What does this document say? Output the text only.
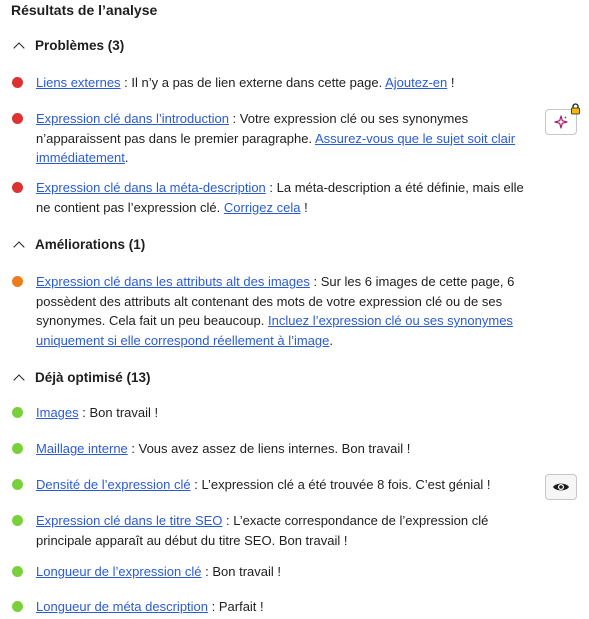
Résultats de l’analyse
Problèmes (3)
Liens externes : Il n’y a pas de lien externe dans cette page. Ajoutez-en !
Expression clé dans l’introduction : Votre expression clé ou ses synonymes n’apparaissent pas dans le premier paragraphe. Assurez-vous que le sujet soit clair immédiatement.
Expression clé dans la méta-description : La méta-description a été définie, mais elle ne contient pas l’expression clé. Corrigez cela !
Améliorations (1)
Expression clé dans les attributs alt des images : Sur les 6 images de cette page, 6 possèdent des attributs alt contenant des mots de votre expression clé ou de ses synonymes. Cela fait un peu beaucoup. Incluez l’expression clé ou ses synonymes uniquement si elle correspond réellement à l’image.
Déjà optimisé (13)
Images : Bon travail !
Maillage interne : Vous avez assez de liens internes. Bon travail !
Densité de l’expression clé : L’expression clé a été trouvée 8 fois. C’est génial !
Expression clé dans le titre SEO : L’exacte correspondance de l’expression clé principale apparaît au début du titre SEO. Bon travail !
Longueur de l’expression clé : Bon travail !
Longueur de méta description : Parfait !
